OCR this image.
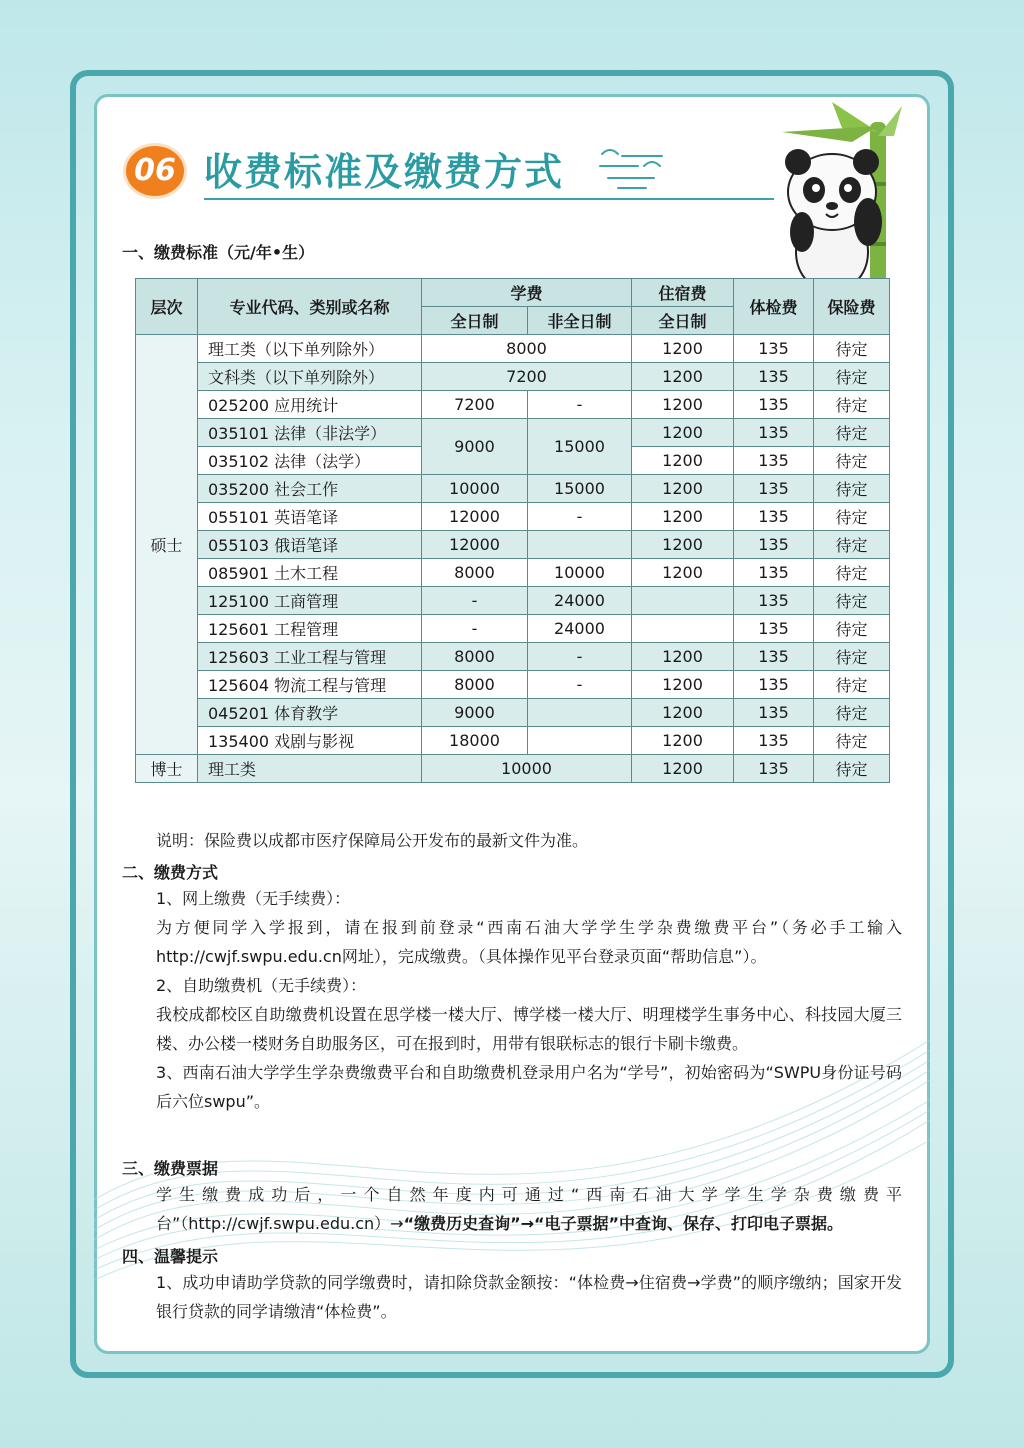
06 收费标准及缴费方式
一、缴费标准（元/年•生）
层次	专业代码、类别或名称	学费		住宿费	体检费	保险费
		全日制	非全日制	全日制		
硕士	理工类（以下单列除外）	8000		1200	135	待定
	文科类（以下单列除外）	7200		1200	135	待定
	025200 应用统计	7200	-	1200	135	待定
	035101 法律（非法学）	9000	15000	1200	135	待定
	035102 法律（法学）			1200	135	待定
	035200 社会工作	10000	15000	1200	135	待定
	055101 英语笔译	12000	-	1200	135	待定
	055103 俄语笔译	12000		1200	135	待定
	085901 土木工程	8000	10000	1200	135	待定
	125100 工商管理	-	24000		135	待定
	125601 工程管理	-	24000		135	待定
	125603 工业工程与管理	8000	-	1200	135	待定
	125604 物流工程与管理	8000	-	1200	135	待定
	045201 体育教学	9000		1200	135	待定
	135400 戏剧与影视	18000		1200	135	待定
博士	理工类	10000		1200	135	待定
说明：保险费以成都市医疗保障局公开发布的最新文件为准。
二、缴费方式
1、网上缴费（无手续费）：
为方便同学入学报到，请在报到前登录“西南石油大学学生学杂费缴费平台”（务必手工输入http://cwjf.swpu.edu.cn网址），完成缴费。（具体操作见平台登录页面“帮助信息”）。
2、自助缴费机（无手续费）：
我校成都校区自助缴费机设置在思学楼一楼大厅、博学楼一楼大厅、明理楼学生事务中心、科技园大厦三楼、办公楼一楼财务自助服务区，可在报到时，用带有银联标志的银行卡刷卡缴费。
3、西南石油大学学生学杂费缴费平台和自助缴费机登录用户名为“学号”，初始密码为“SWPU身份证号码后六位swpu”。
三、缴费票据
学生缴费成功后，一个自然年度内可通过“西南石油大学学生学杂费缴费平台”（http://cwjf.swpu.edu.cn）→“缴费历史查询”→“电子票据”中查询、保存、打印电子票据。
四、温馨提示
1、成功申请助学贷款的同学缴费时，请扣除贷款金额按：“体检费→住宿费→学费”的顺序缴纳；国家开发银行贷款的同学请缴清“体检费”。
